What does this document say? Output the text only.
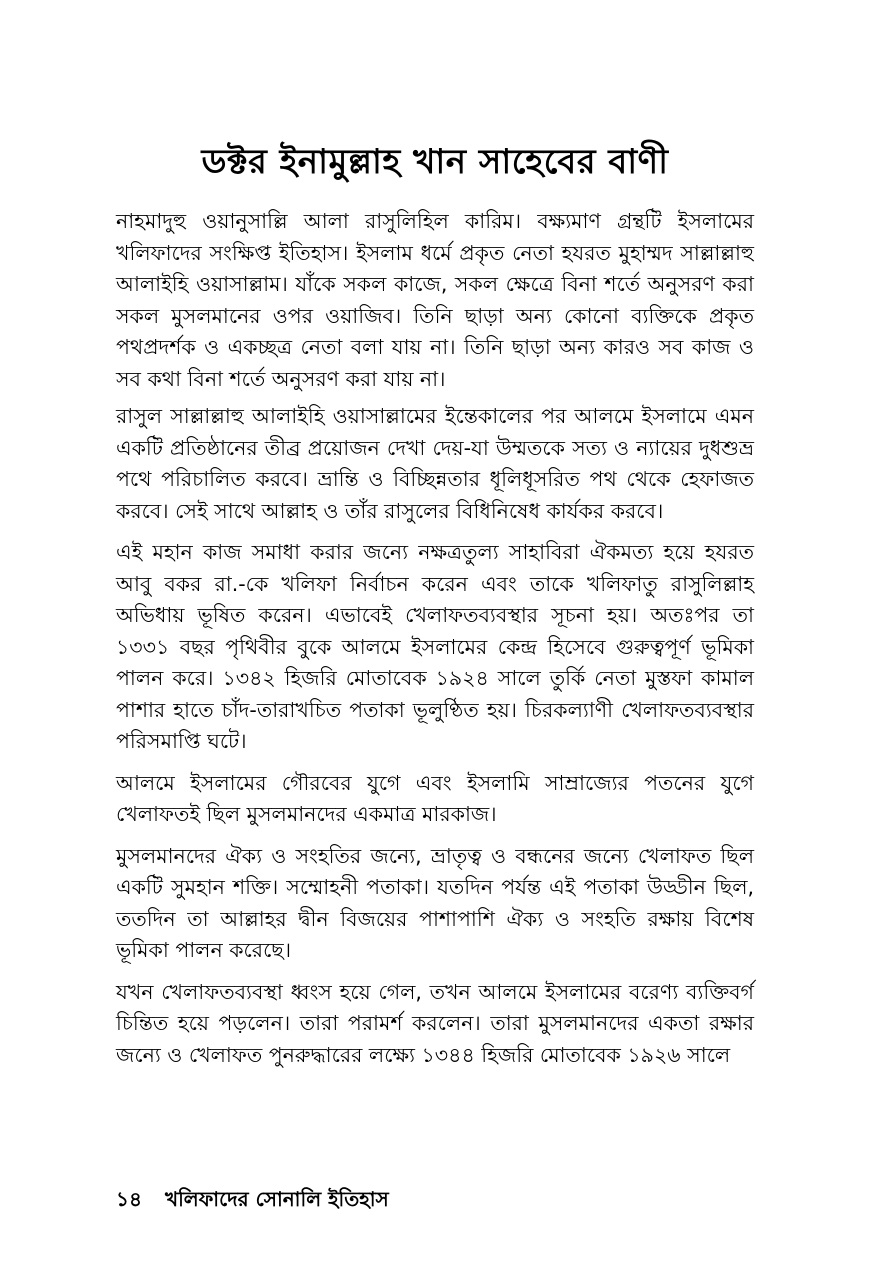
ডক্টর ইনামুল্লাহ খান সাহেবের বাণী

নাহমাদুহু ওয়ানুসাল্লি আলা রাসুলিহিল কারিম। বক্ষ্যমাণ গ্রন্থটি ইসলামের খলিফাদের সংক্ষিপ্ত ইতিহাস। ইসলাম ধর্মে প্রকৃত নেতা হযরত মুহাম্মদ সাল্লাল্লাহু আলাইহি ওয়াসাল্লাম। যাঁকে সকল কাজে, সকল ক্ষেত্রে বিনা শর্তে অনুসরণ করা সকল মুসলমানের ওপর ওয়াজিব। তিনি ছাড়া অন্য কোনো ব্যক্তিকে প্রকৃত পথপ্রদর্শক ও একচ্ছত্র নেতা বলা যায় না। তিনি ছাড়া অন্য কারও সব কাজ ও সব কথা বিনা শর্তে অনুসরণ করা যায় না।

রাসুল সাল্লাল্লাহু আলাইহি ওয়াসাল্লামের ইন্তেকালের পর আলমে ইসলামে এমন একটি প্রতিষ্ঠানের তীব্র প্রয়োজন দেখা দেয়-যা উম্মতকে সত্য ও ন্যায়ের দুধশুভ্র পথে পরিচালিত করবে। ভ্রান্তি ও বিচ্ছিন্নতার ধূলিধূসরিত পথ থেকে হেফাজত করবে। সেই সাথে আল্লাহ ও তাঁর রাসুলের বিধিনিষেধ কার্যকর করবে।

এই মহান কাজ সমাধা করার জন্যে নক্ষত্রতুল্য সাহাবিরা ঐকমত্য হয়ে হযরত আবু বকর রা.-কে খলিফা নির্বাচন করেন এবং তাকে খলিফাতু রাসুলিল্লাহ অভিধায় ভূষিত করেন। এভাবেই খেলাফতব্যবস্থার সূচনা হয়। অতঃপর তা ১৩৩১ বছর পৃথিবীর বুকে আলমে ইসলামের কেন্দ্র হিসেবে গুরুত্বপূর্ণ ভূমিকা পালন করে। ১৩৪২ হিজরি মোতাবেক ১৯২৪ সালে তুর্কি নেতা মুস্তফা কামাল পাশার হাতে চাঁদ-তারাখচিত পতাকা ভূলুণ্ঠিত হয়। চিরকল্যাণী খেলাফতব্যবস্থার পরিসমাপ্তি ঘটে।

আলমে ইসলামের গৌরবের যুগে এবং ইসলামি সাম্রাজ্যের পতনের যুগে খেলাফতই ছিল মুসলমানদের একমাত্র মারকাজ।

মুসলমানদের ঐক্য ও সংহতির জন্যে, ভ্রাতৃত্ব ও বন্ধনের জন্যে খেলাফত ছিল একটি সুমহান শক্তি। সম্মোহনী পতাকা। যতদিন পর্যন্ত এই পতাকা উড্ডীন ছিল, ততদিন তা আল্লাহর দ্বীন বিজয়ের পাশাপাশি ঐক্য ও সংহতি রক্ষায় বিশেষ ভূমিকা পালন করেছে।

যখন খেলাফতব্যবস্থা ধ্বংস হয়ে গেল, তখন আলমে ইসলামের বরেণ্য ব্যক্তিবর্গ চিন্তিত হয়ে পড়লেন। তারা পরামর্শ করলেন। তারা মুসলমানদের একতা রক্ষার জন্যে ও খেলাফত পুনরুদ্ধারের লক্ষ্যে ১৩৪৪ হিজরি মোতাবেক ১৯২৬ সালে

১৪ খলিফাদের সোনালি ইতিহাস
